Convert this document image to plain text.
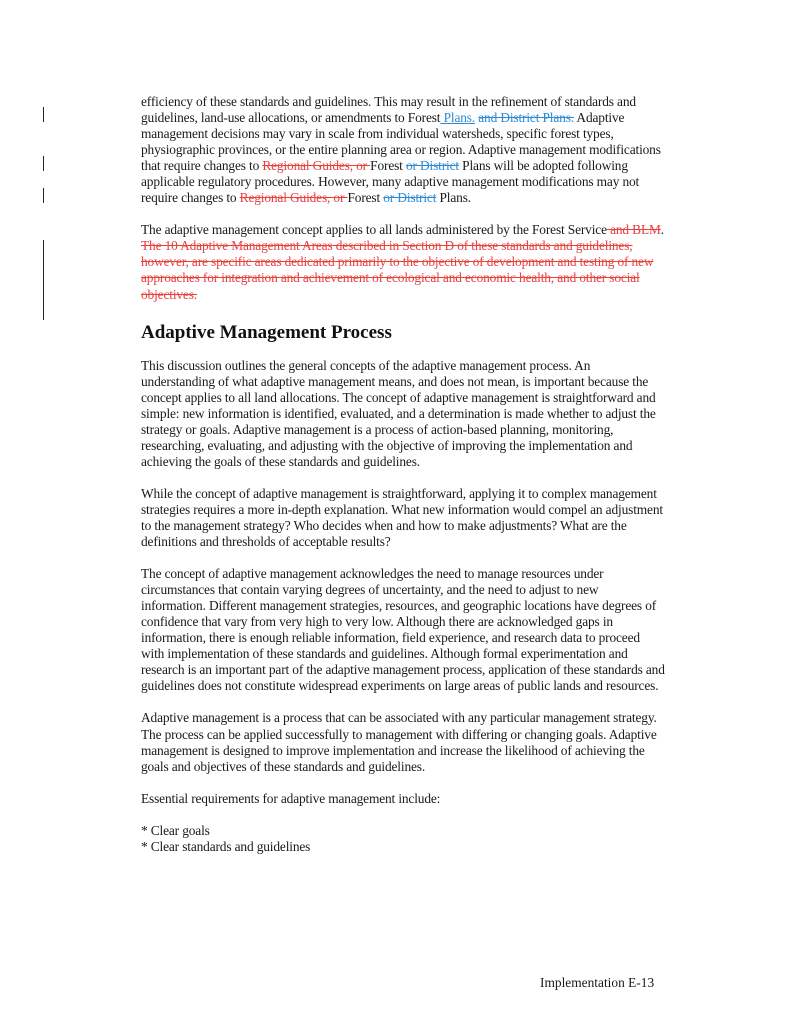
efficiency of these standards and guidelines. This may result in the refinement of standards and guidelines, land-use allocations, or amendments to Forest Plans. and District Plans. Adaptive management decisions may vary in scale from individual watersheds, specific forest types, physiographic provinces, or the entire planning area or region. Adaptive management modifications that require changes to Regional Guides, or Forest or District Plans will be adopted following applicable regulatory procedures. However, many adaptive management modifications may not require changes to Regional Guides, or Forest or District Plans.

The adaptive management concept applies to all lands administered by the Forest Service and BLM. The 10 Adaptive Management Areas described in Section D of these standards and guidelines, however, are specific areas dedicated primarily to the objective of development and testing of new approaches for integration and achievement of ecological and economic health, and other social objectives.

Adaptive Management Process

This discussion outlines the general concepts of the adaptive management process. An understanding of what adaptive management means, and does not mean, is important because the concept applies to all land allocations. The concept of adaptive management is straightforward and simple: new information is identified, evaluated, and a determination is made whether to adjust the strategy or goals. Adaptive management is a process of action-based planning, monitoring, researching, evaluating, and adjusting with the objective of improving the implementation and achieving the goals of these standards and guidelines.

While the concept of adaptive management is straightforward, applying it to complex management strategies requires a more in-depth explanation. What new information would compel an adjustment to the management strategy? Who decides when and how to make adjustments? What are the definitions and thresholds of acceptable results?

The concept of adaptive management acknowledges the need to manage resources under circumstances that contain varying degrees of uncertainty, and the need to adjust to new information. Different management strategies, resources, and geographic locations have degrees of confidence that vary from very high to very low. Although there are acknowledged gaps in information, there is enough reliable information, field experience, and research data to proceed with implementation of these standards and guidelines. Although formal experimentation and research is an important part of the adaptive management process, application of these standards and guidelines does not constitute widespread experiments on large areas of public lands and resources.

Adaptive management is a process that can be associated with any particular management strategy. The process can be applied successfully to management with differing or changing goals. Adaptive management is designed to improve implementation and increase the likelihood of achieving the goals and objectives of these standards and guidelines.

Essential requirements for adaptive management include:

* Clear goals
* Clear standards and guidelines

Implementation E-13
